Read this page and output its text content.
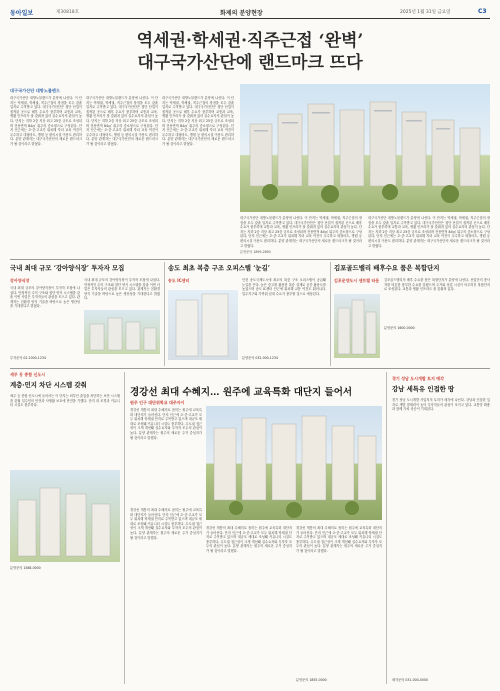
동아일보	제30818호	화제의 분양현장	2025년 1월 31일 금요일	C3
역세권·학세권·직주근접 ‘완벽’
대구국가산단에 랜드마크 뜨다
대구국가산단 대방노블랜드
대구국가산단 대방노블랜드가 분양에 나선다. 이 단지는 역세권, 학세권, 직주근접의 장점을 모두 갖춘 입지로 주목받고 있다. 대구국가산단은 첨단 산업이 집적된 곳으로 배후 수요가 풍부하며 교통과 교육, 생활 인프라가 잘 갖춰져 있어 실수요자의 관심이 높다. 단지는 지하 2층 지상 최고 25층 규모로 조성되며 전용면적 84㎡ 위주의 중소형으로 구성된다. 단지 인근에는 초·중·고교가 위치해 자녀 교육 여건이 우수하고 대형마트, 병원 등 편의시설 이용도 편리하다. 분양 관계자는 대구국가산단의 새로운 랜드마크가 될 것이라고 밝혔다.
대구국가산단 대방노블랜드가 분양에 나선다. 이 단지는 역세권, 학세권, 직주근접의 장점을 모두 갖춘 입지로 주목받고 있다. 대구국가산단은 첨단 산업이 집적된 곳으로 배후 수요가 풍부하며 교통과 교육, 생활 인프라가 잘 갖춰져 있어 실수요자의 관심이 높다. 단지는 지하 2층 지상 최고 25층 규모로 조성되며 전용면적 84㎡ 위주의 중소형으로 구성된다. 단지 인근에는 초·중·고교가 위치해 자녀 교육 여건이 우수하고 대형마트, 병원 등 편의시설 이용도 편리하다. 분양 관계자는 대구국가산단의 새로운 랜드마크가 될 것이라고 밝혔다.
대구국가산단 대방노블랜드가 분양에 나선다. 이 단지는 역세권, 학세권, 직주근접의 장점을 모두 갖춘 입지로 주목받고 있다. 대구국가산단은 첨단 산업이 집적된 곳으로 배후 수요가 풍부하며 교통과 교육, 생활 인프라가 잘 갖춰져 있어 실수요자의 관심이 높다. 단지는 지하 2층 지상 최고 25층 규모로 조성되며 전용면적 84㎡ 위주의 중소형으로 구성된다. 단지 인근에는 초·중·고교가 위치해 자녀 교육 여건이 우수하고 대형마트, 병원 등 편의시설 이용도 편리하다. 분양 관계자는 대구국가산단의 새로운 랜드마크가 될 것이라고 밝혔다.
대구국가산단 대방노블랜드가 분양에 나선다. 이 단지는 역세권, 학세권, 직주근접의 장점을 모두 갖춘 입지로 주목받고 있다. 대구국가산단은 첨단 산업이 집적된 곳으로 배후 수요가 풍부하며 교통과 교육, 생활 인프라가 잘 갖춰져 있어 실수요자의 관심이 높다. 단지는 지하 2층 지상 최고 25층 규모로 조성되며 전용면적 84㎡ 위주의 중소형으로 구성된다. 단지 인근에는 초·중·고교가 위치해 자녀 교육 여건이 우수하고 대형마트, 병원 등 편의시설 이용도 편리하다. 분양 관계자는 대구국가산단의 새로운 랜드마크가 될 것이라고 밝혔다.
대구국가산단 대방노블랜드가 분양에 나선다. 이 단지는 역세권, 학세권, 직주근접의 장점을 모두 갖춘 입지로 주목받고 있다. 대구국가산단은 첨단 산업이 집적된 곳으로 배후 수요가 풍부하며 교통과 교육, 생활 인프라가 잘 갖춰져 있어 실수요자의 관심이 높다. 단지는 지하 2층 지상 최고 25층 규모로 조성되며 전용면적 84㎡ 위주의 중소형으로 구성된다. 단지 인근에는 초·중·고교가 위치해 자녀 교육 여건이 우수하고 대형마트, 병원 등 편의시설 이용도 편리하다. 분양 관계자는 대구국가산단의 새로운 랜드마크가 될 것이라고 밝혔다.
분양문의 1899-2890
국내 최대 규모 ‘강아양식장’ 투자자 모집
강아양식장
국내 최대 규모의 강아양식장이 투자자 모집에 나섰다. 안정적인 수익 구조와 첨단 양식 시스템을 갖춘 이번 사업은 투자자들의 관심을 모으고 있다. 관계자는 친환경 양식 기술을 바탕으로 높은 생산성을 기대한다고 밝혔다.
국내 최대 규모의 강아양식장이 투자자 모집에 나섰다. 안정적인 수익 구조와 첨단 양식 시스템을 갖춘 이번 사업은 투자자들의 관심을 모으고 있다. 관계자는 친환경 양식 기술을 바탕으로 높은 생산성을 기대한다고 밝혔다.
투자문의 02-2000-1234
송도 최초 복층 구조 오피스텔 ‘눈길’
송도 IC센터	인천 송도국제도시에 최초의 복층 구조 오피스텔이 공급돼 눈길을 끈다. 높은 층고를 활용한 복층 설계로 공간 활용도를 높였으며 송도 IC센터 인근에 위치해 교통 여건도 뛰어나다. 업무지구와 가까워 임대 수요가 풍부할 것으로 예상된다.
분양문의 032-000-1234
김포골드밸리 배후수요 품은 복합단지
김포운양도시 센트럴 타운 김포골드밸리의 배후 수요를 품은 복합단지가 분양에 나선다. 산업단지 종사자를 비롯한 풍부한 수요를 갖췄으며 주거와 상업 시설이 어우러진 복합단지로 조성된다. 교통과 생활 인프라도 잘 갖춰져 있다.
분양문의 1600-0000
세무 등 종합 신도시
계층·민지 차단 시스템 갖춰
세무 등 종합 신도시에 들어서는 이 단지는 외부인 출입을 차단하는 보안 시스템을 갖춰 입주민의 안전과 사생활 보호에 만전을 기했다. 단지 내 조경과 커뮤니티 시설도 풍부하다.
분양문의 1588-0000
경강선 최대 수혜지… 원주에 교육특화 대단지 들어서
원주 인구 대단위학교 대주자이
경강선 개통의 최대 수혜지로 꼽히는 원주에 교육특화 대단지가 들어선다. 단지 인근에 초·중·고교가 모두 위치해 학세권 단지로 주목받고 있으며 대규모 세대로 조성돼 커뮤니티 시설도 풍부하다. 수도권 접근성이 크게 개선돼 실수요자와 투자자 모두의 관심이 높다. 분양 관계자는 원주의 새로운 주거 중심지가 될 것이라고 말했다.
경강선 개통의 최대 수혜지로 꼽히는 원주에 교육특화 대단지가 들어선다. 단지 인근에 초·중·고교가 모두 위치해 학세권 단지로 주목받고 있으며 대규모 세대로 조성돼 커뮤니티 시설도 풍부하다. 수도권 접근성이 크게 개선돼 실수요자와 투자자 모두의 관심이 높다. 분양 관계자는 원주의 새로운 주거 중심지가 될 것이라고 말했다.
경강선 개통의 최대 수혜지로 꼽히는 원주에 교육특화 대단지가 들어선다. 단지 인근에 초·중·고교가 모두 위치해 학세권 단지로 주목받고 있으며 대규모 세대로 조성돼 커뮤니티 시설도 풍부하다. 수도권 접근성이 크게 개선돼 실수요자와 투자자 모두의 관심이 높다. 분양 관계자는 원주의 새로운 주거 중심지가 될 것이라고 말했다.
경강선 개통의 최대 수혜지로 꼽히는 원주에 교육특화 대단지가 들어선다. 단지 인근에 초·중·고교가 모두 위치해 학세권 단지로 주목받고 있으며 대규모 세대로 조성돼 커뮤니티 시설도 풍부하다. 수도권 접근성이 크게 개선돼 실수요자와 투자자 모두의 관심이 높다. 분양 관계자는 원주의 새로운 주거 중심지가 될 것이라고 말했다.
분양문의 1855-0000
경기 성남 도시개발 토지 매각
강남 세특유 인접한 땅
경기 성남 도시개발 사업지의 토지가 매각에 나선다. 강남과 인접한 입지로 개발 잠재력이 높아 투자자들의 관심이 모이고 있다. 교통망 확충과 함께 가치 상승이 기대된다.
매각문의 031-000-0000
